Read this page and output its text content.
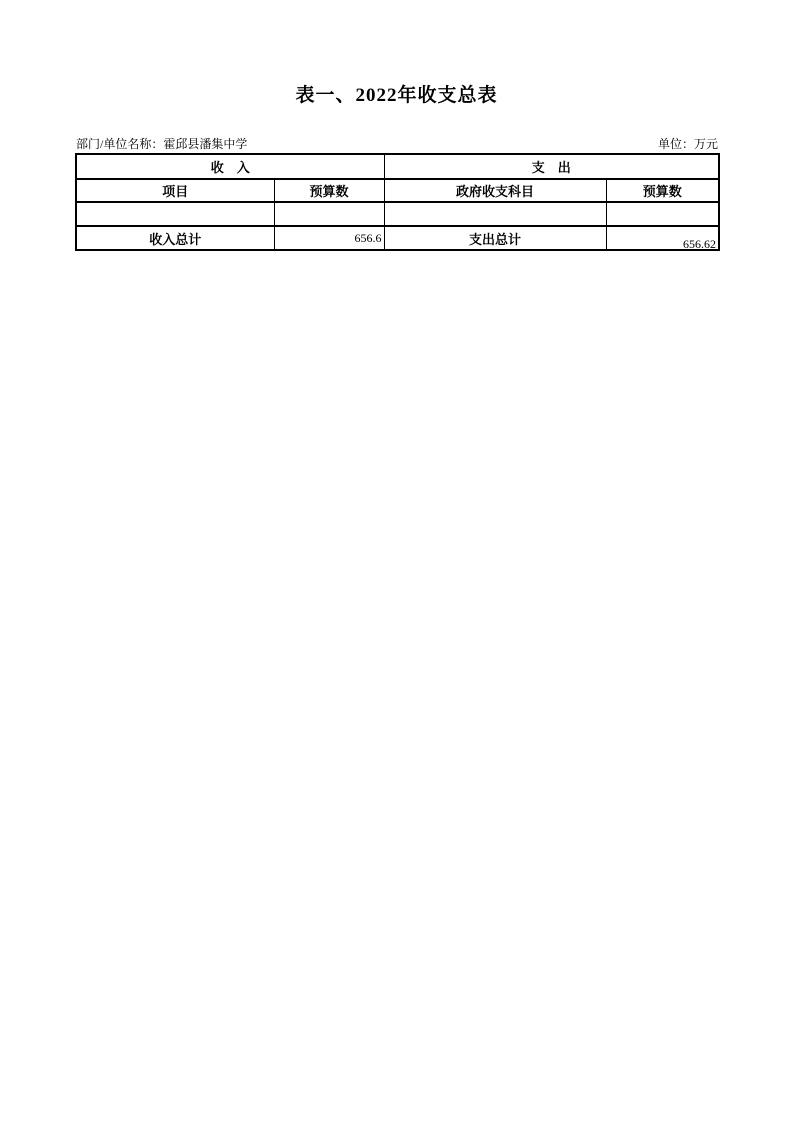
表一、2022年收支总表
部门/单位名称：霍邱县潘集中学	单位：万元
收　入		支　出	
项目	预算数	政府收支科目	预算数

收入总计	656.6	支出总计	656.62
